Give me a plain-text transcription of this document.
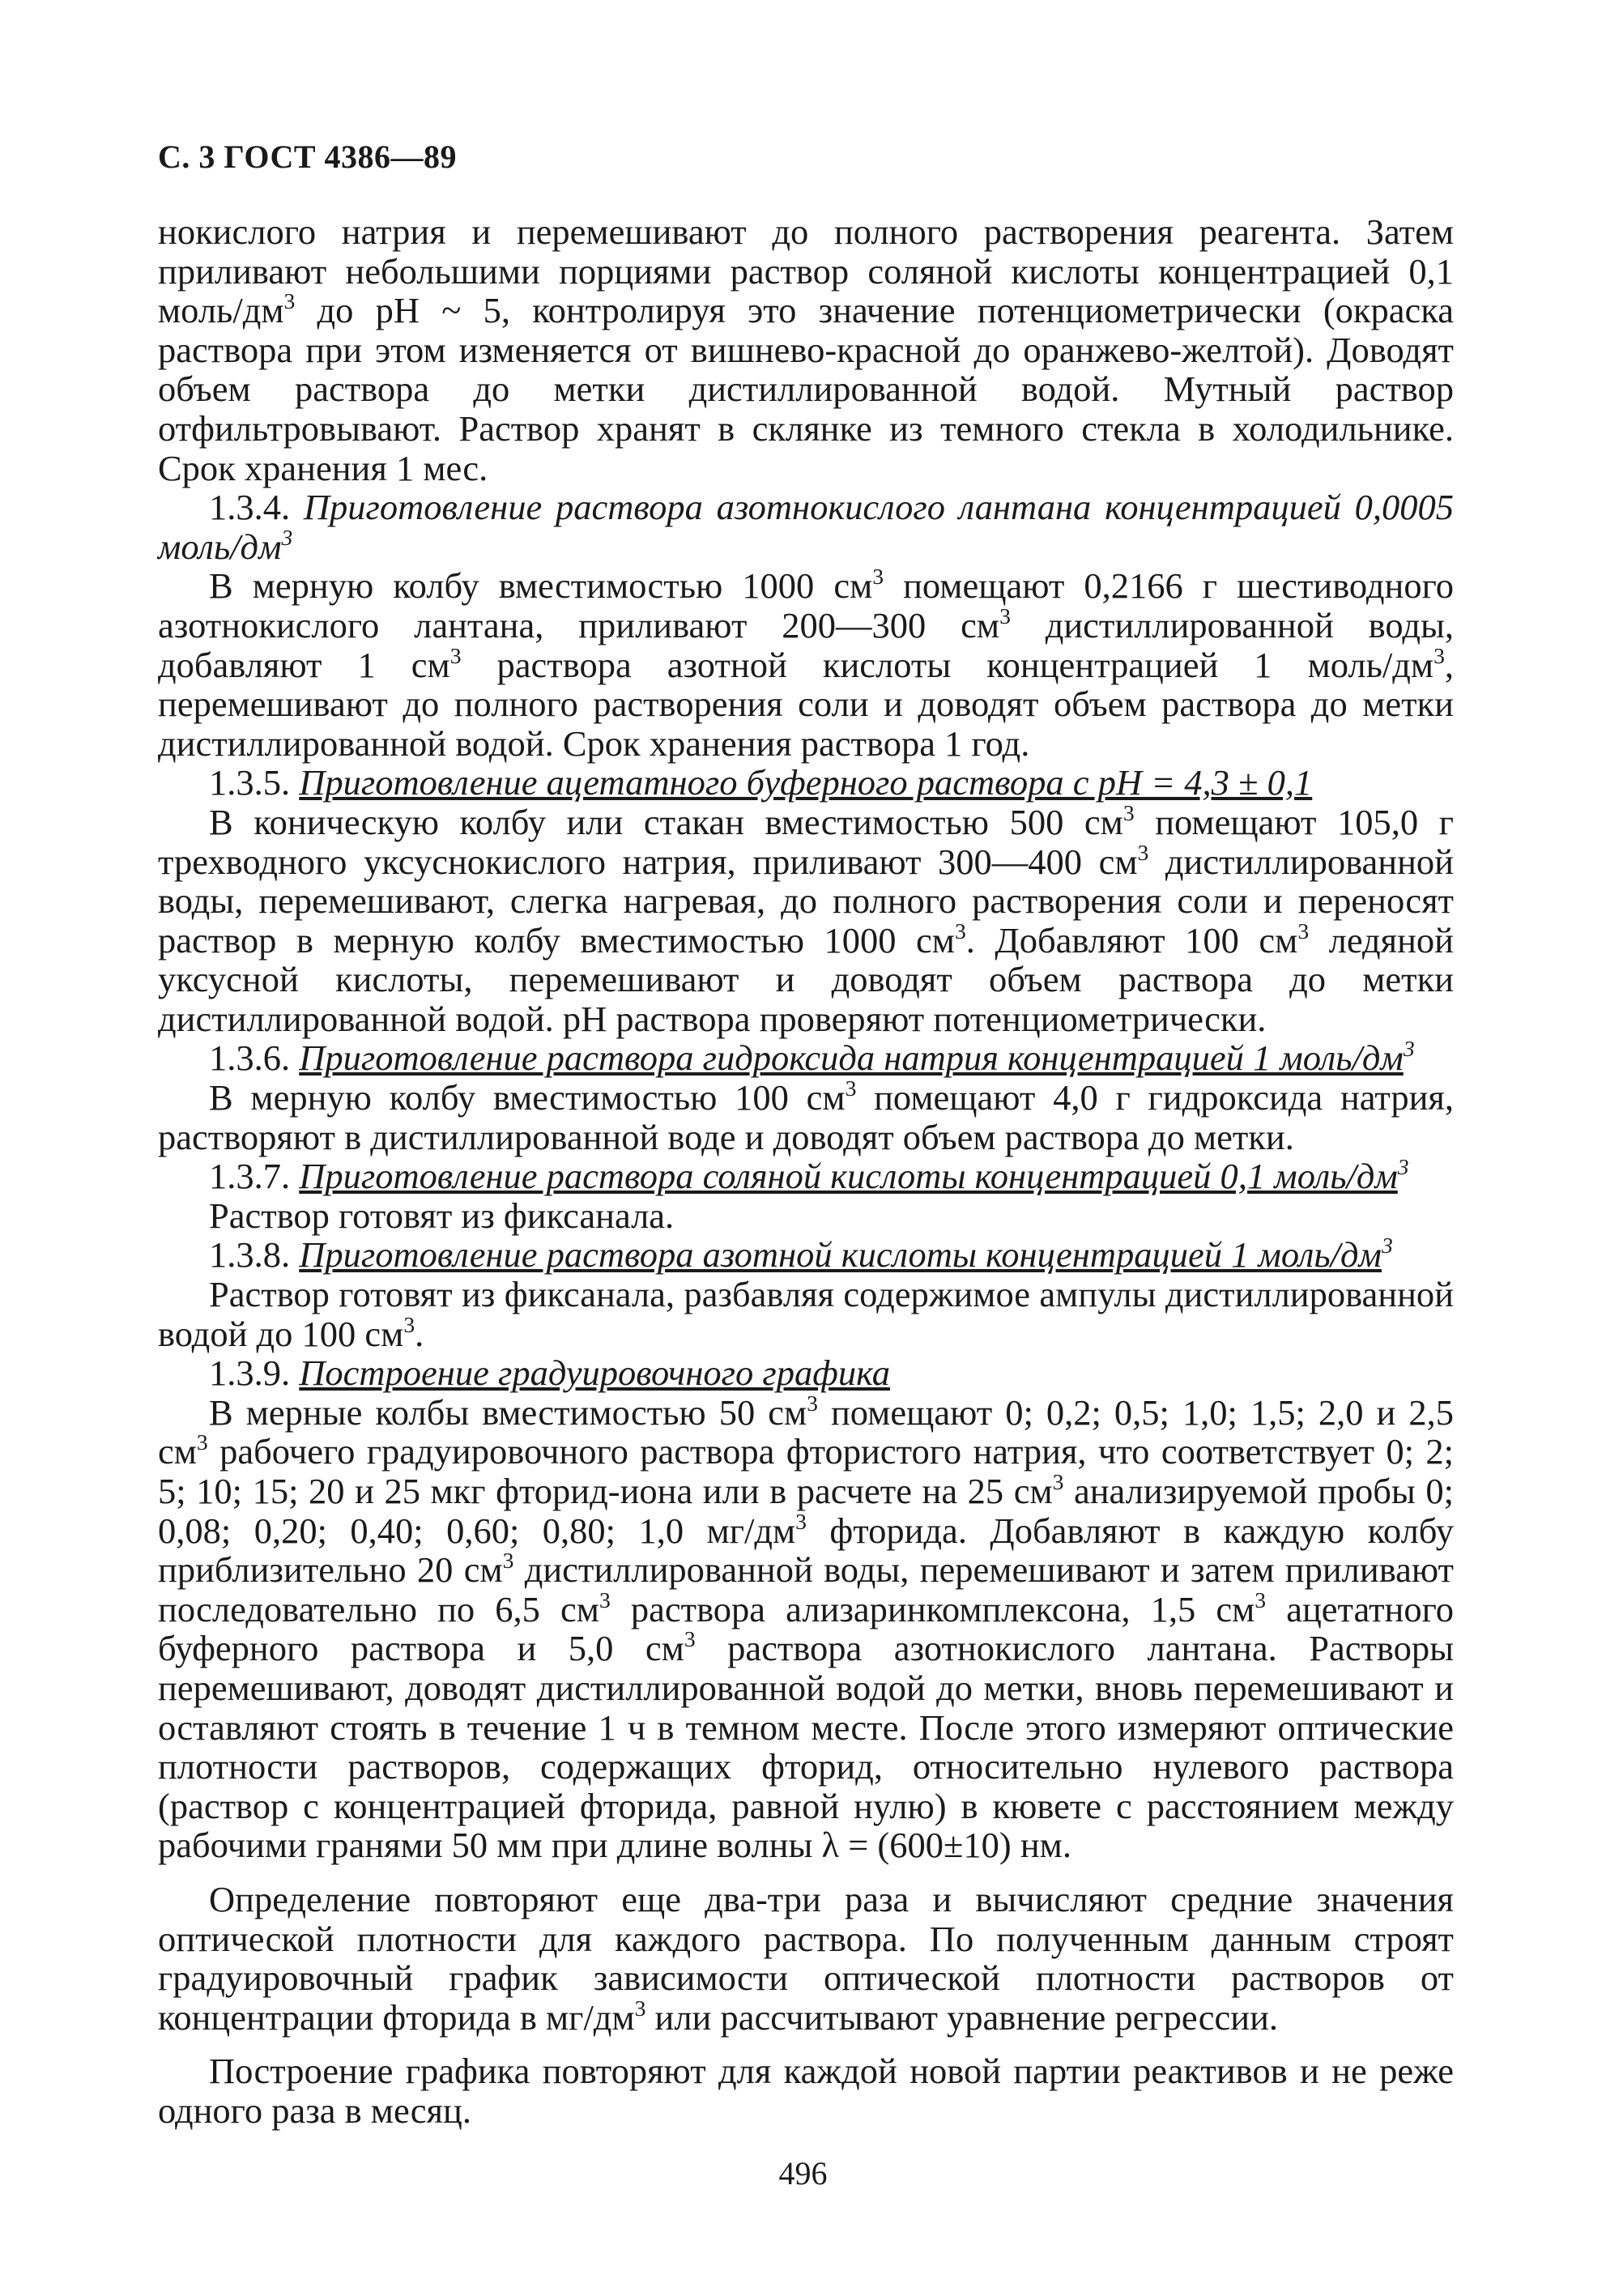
С. 3 ГОСТ 4386—89

нокислого натрия и перемешивают до полного растворения реагента. Затем приливают небольшими порциями раствор соляной кислоты концентрацией 0,1 моль/$дм^3$ до pH ~ 5, контролируя это значение потенциометрически (окраска раствора при этом изменяется от вишнево-красной до оранжево-желтой). Доводят объем раствора до метки дистиллированной водой. Мутный раствор отфильтровывают. Раствор хранят в склянке из темного стекла в холодильнике. Срок хранения 1 мес.

1.3.4. Приготовление раствора азотнокислого лантана концентрацией 0,0005 моль/$дм^3$

В мерную колбу вместимостью 1000 $см^3$ помещают 0,2166 г шестиводного азотнокислого лантана, приливают 200—300 $см^3$ дистиллированной воды, добавляют 1 $см^3$ раствора азотной кислоты концентрацией 1 моль/$дм^3$, перемешивают до полного растворения соли и доводят объем раствора до метки дистиллированной водой. Срок хранения раствора 1 год.

1.3.5. Приготовление ацетатного буферного раствора с pH = 4,3 ± 0,1

В коническую колбу или стакан вместимостью 500 $см^3$ помещают 105,0 г трехводного уксуснокислого натрия, приливают 300—400 $см^3$ дистиллированной воды, перемешивают, слегка нагревая, до полного растворения соли и переносят раствор в мерную колбу вместимостью 1000 $см^3$. Добавляют 100 $см^3$ ледяной уксусной кислоты, перемешивают и доводят объем раствора до метки дистиллированной водой. pH раствора проверяют потенциометрически.

1.3.6. Приготовление раствора гидроксида натрия концентрацией 1 моль/$дм^3$

В мерную колбу вместимостью 100 $см^3$ помещают 4,0 г гидроксида натрия, растворяют в дистиллированной воде и доводят объем раствора до метки.

1.3.7. Приготовление раствора соляной кислоты концентрацией 0,1 моль/$дм^3$

Раствор готовят из фиксанала.

1.3.8. Приготовление раствора азотной кислоты концентрацией 1 моль/$дм^3$

Раствор готовят из фиксанала, разбавляя содержимое ампулы дистиллированной водой до 100 $см^3$.

1.3.9. Построение градуировочного графика

В мерные колбы вместимостью 50 $см^3$ помещают 0; 0,2; 0,5; 1,0; 1,5; 2,0 и 2,5 $см^3$ рабочего градуировочного раствора фтористого натрия, что соответствует 0; 2; 5; 10; 15; 20 и 25 мкг фторид-иона или в расчете на 25 $см^3$ анализируемой пробы 0; 0,08; 0,20; 0,40; 0,60; 0,80; 1,0 $мг/дм^3$ фторида. Добавляют в каждую колбу приблизительно 20 $см^3$ дистиллированной воды, перемешивают и затем приливают последовательно по 6,5 $см^3$ раствора ализаринкомплексона, 1,5 $см^3$ ацетатного буферного раствора и 5,0 $см^3$ раствора азотнокислого лантана. Растворы перемешивают, доводят дистиллированной водой до метки, вновь перемешивают и оставляют стоять в течение 1 ч в темном месте. После этого измеряют оптические плотности растворов, содержащих фторид, относительно нулевого раствора (раствор с концентрацией фторида, равной нулю) в кювете с расстоянием между рабочими гранями 50 мм при длине волны λ = (600±10) нм.

Определение повторяют еще два-три раза и вычисляют средние значения оптической плотности для каждого раствора. По полученным данным строят градуировочный график зависимости оптической плотности растворов от концентрации фторида в $мг/дм^3$ или рассчитывают уравнение регрессии.

Построение графика повторяют для каждой новой партии реактивов и не реже одного раза в месяц.

496
